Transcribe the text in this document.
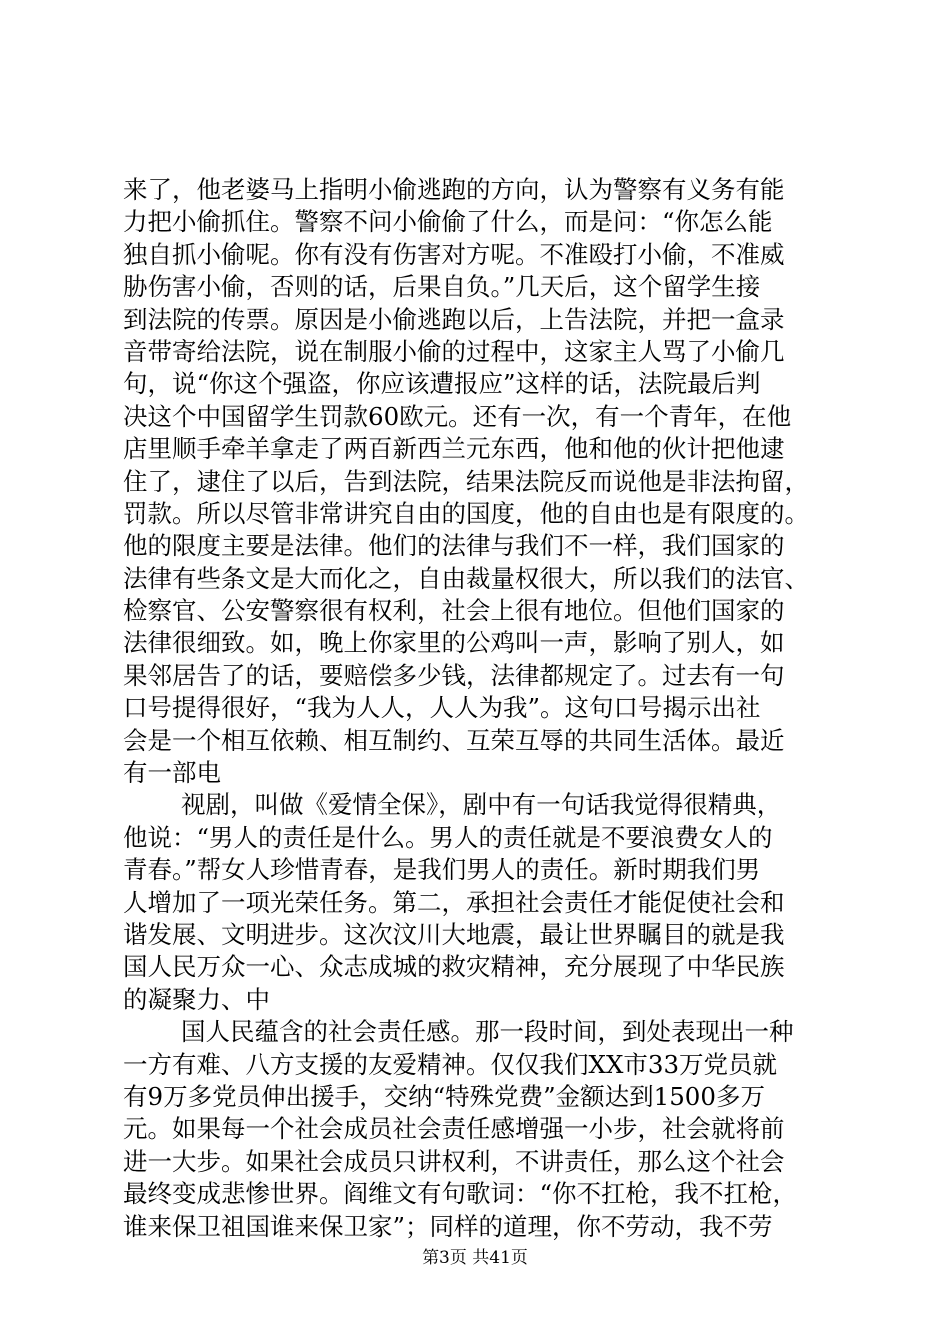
来了，他老婆马上指明小偷逃跑的方向，认为警察有义务有能
力把小偷抓住。警察不问小偷偷了什么，而是问：“你怎么能
独自抓小偷呢。你有没有伤害对方呢。不准殴打小偷，不准威
胁伤害小偷，否则的话，后果自负。”几天后，这个留学生接
到法院的传票。原因是小偷逃跑以后，上告法院，并把一盒录
音带寄给法院，说在制服小偷的过程中，这家主人骂了小偷几
句，说“你这个强盗，你应该遭报应”这样的话，法院最后判
决这个中国留学生罚款60欧元。还有一次，有一个青年，在他
店里顺手牵羊拿走了两百新西兰元东西，他和他的伙计把他逮
住了，逮住了以后，告到法院，结果法院反而说他是非法拘留，
罚款。所以尽管非常讲究自由的国度，他的自由也是有限度的。
他的限度主要是法律。他们的法律与我们不一样，我们国家的
法律有些条文是大而化之，自由裁量权很大，所以我们的法官、
检察官、公安警察很有权利，社会上很有地位。但他们国家的
法律很细致。如，晚上你家里的公鸡叫一声，影响了别人，如
果邻居告了的话，要赔偿多少钱，法律都规定了。过去有一句
口号提得很好，“我为人人，人人为我”。这句口号揭示出社
会是一个相互依赖、相互制约、互荣互辱的共同生活体。最近
有一部电
视剧，叫做《爱情全保》，剧中有一句话我觉得很精典，
他说：“男人的责任是什么。男人的责任就是不要浪费女人的
青春。”帮女人珍惜青春，是我们男人的责任。新时期我们男
人增加了一项光荣任务。第二，承担社会责任才能促使社会和
谐发展、文明进步。这次汶川大地震，最让世界瞩目的就是我
国人民万众一心、众志成城的救灾精神，充分展现了中华民族
的凝聚力、中
国人民蕴含的社会责任感。那一段时间，到处表现出一种
一方有难、八方支援的友爱精神。仅仅我们XX市33万党员就
有9万多党员伸出援手，交纳“特殊党费”金额达到1500多万
元。如果每一个社会成员社会责任感增强一小步，社会就将前
进一大步。如果社会成员只讲权利，不讲责任，那么这个社会
最终变成悲惨世界。阎维文有句歌词：“你不扛枪，我不扛枪，
谁来保卫祖国谁来保卫家”；同样的道理，你不劳动，我不劳
第3页 共41页
